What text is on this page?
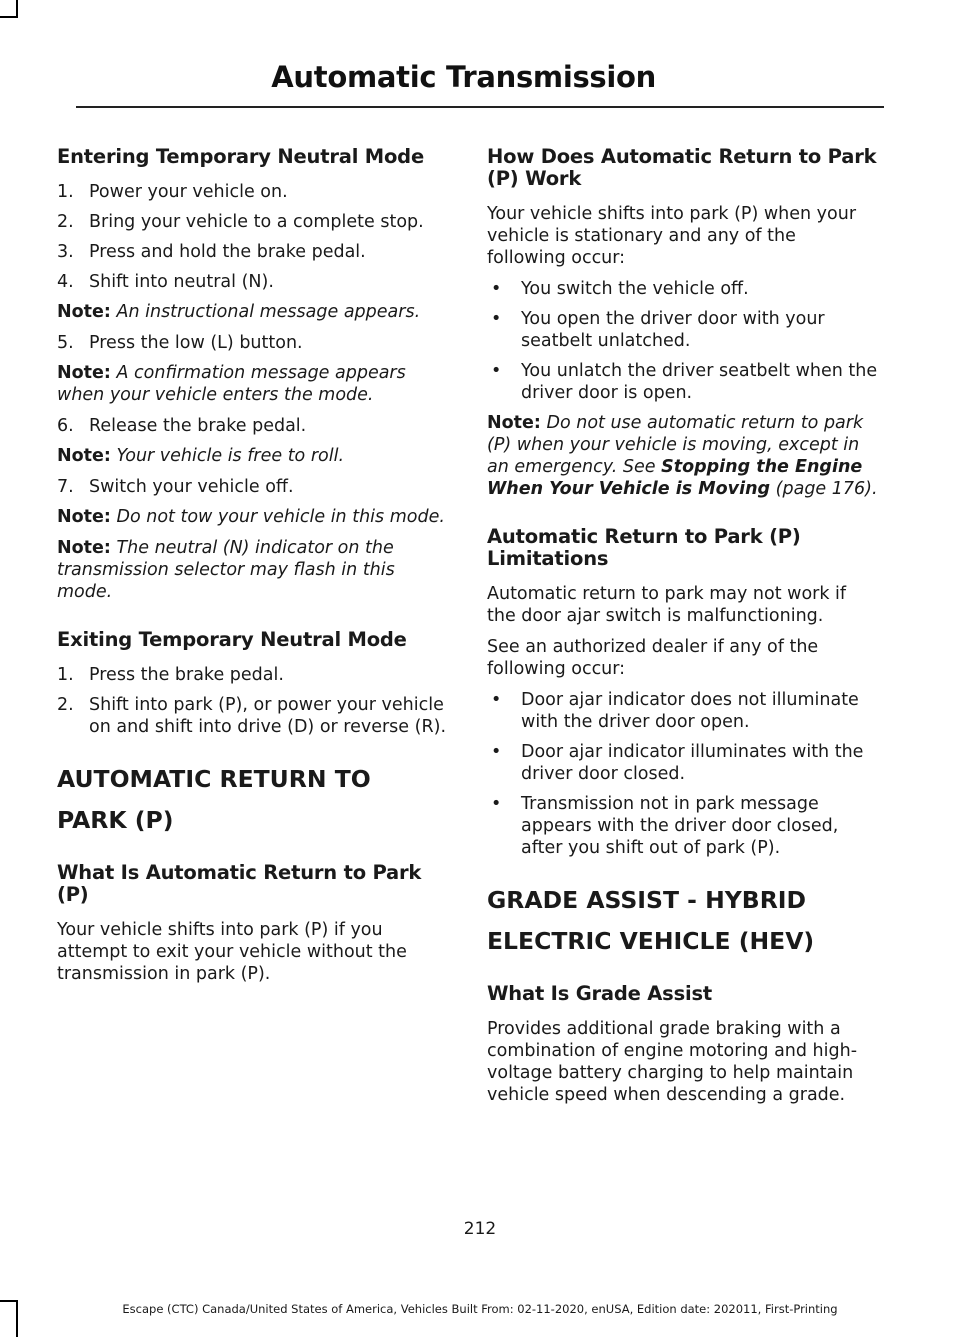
Automatic Transmission
Entering Temporary Neutral Mode
1. Power your vehicle on.
2. Bring your vehicle to a complete stop.
3. Press and hold the brake pedal.
4. Shift into neutral (N).

Note: An instructional message appears.

5. Press the low (L) button.

Note: A confirmation message appears when your vehicle enters the mode.

6. Release the brake pedal.

Note: Your vehicle is free to roll.

7. Switch your vehicle off.

Note: Do not tow your vehicle in this mode.

Note: The neutral (N) indicator on the transmission selector may flash in this mode.

Exiting Temporary Neutral Mode
1. Press the brake pedal.
2. Shift into park (P), or power your vehicle on and shift into drive (D) or reverse (R).
AUTOMATIC RETURN TO
PARK (P)
What Is Automatic Return to Park (P)

Your vehicle shifts into park (P) if you attempt to exit your vehicle without the transmission in park (P).

How Does Automatic Return to Park (P) Work

Your vehicle shifts into park (P) when your vehicle is stationary and any of the following occur:

• You switch the vehicle off.
• You open the driver door with your seatbelt unlatched.
• You unlatch the driver seatbelt when the driver door is open.

Note: Do not use automatic return to park (P) when your vehicle is moving, except in an emergency. See Stopping the Engine When Your Vehicle is Moving (page 176).

Automatic Return to Park (P) Limitations

Automatic return to park may not work if the door ajar switch is malfunctioning.

See an authorized dealer if any of the following occur:

• Door ajar indicator does not illuminate with the driver door open.
• Door ajar indicator illuminates with the driver door closed.
• Transmission not in park message appears with the driver door closed, after you shift out of park (P).
GRADE ASSIST - HYBRID
ELECTRIC VEHICLE (HEV)
What Is Grade Assist

Provides additional grade braking with a combination of engine motoring and high-voltage battery charging to help maintain vehicle speed when descending a grade.

212
Escape (CTC) Canada/United States of America, Vehicles Built From: 02-11-2020, enUSA, Edition date: 202011, First-Printing
